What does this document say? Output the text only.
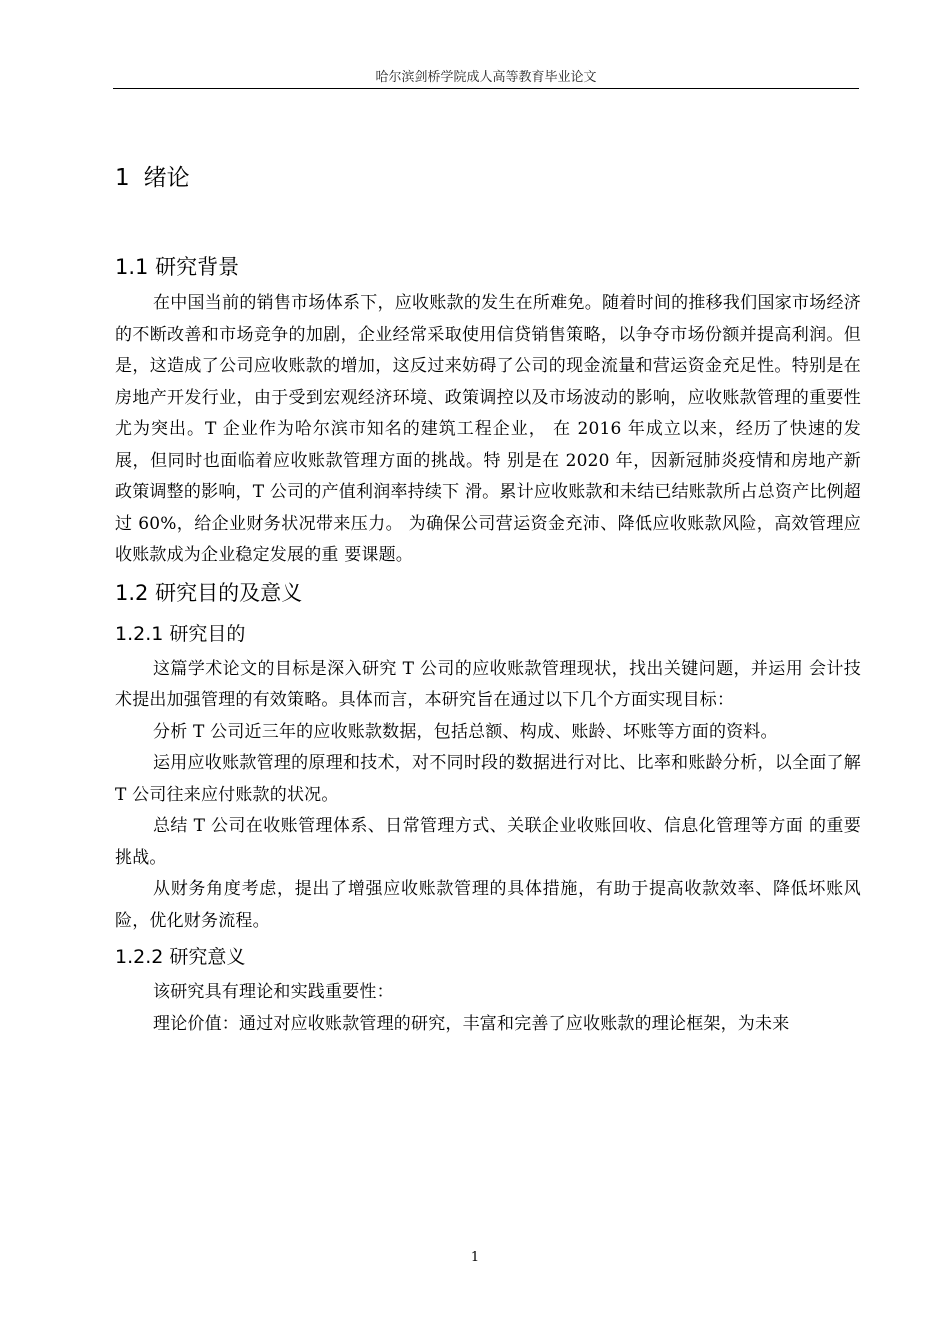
哈尔滨剑桥学院成人高等教育毕业论文
1 绪论
1.1 研究背景

在中国当前的销售市场体系下，应收账款的发生在所难免。随着时间的推移我们国家市场经济的不断改善和市场竞争的加剧，企业经常采取使用信贷销售策略，以争夺市场份额并提高利润。但是，这造成了公司应收账款的增加，这反过来妨碍了公司的现金流量和营运资金充足性。特别是在房地产开发行业，由于受到宏观经济环境、政策调控以及市场波动的影响，应收账款管理的重要性尤为突出。T 企业作为哈尔滨市知名的建筑工程企业， 在 2016 年成立以来，经历了快速的发展，但同时也面临着应收账款管理方面的挑战。特 别是在 2020 年，因新冠肺炎疫情和房地产新政策调整的影响，T 公司的产值利润率持续下 滑。累计应收账款和未结已结账款所占总资产比例超过 60%，给企业财务状况带来压力。 为确保公司营运资金充沛、降低应收账款风险，高效管理应收账款成为企业稳定发展的重 要课题。

1.2 研究目的及意义
1.2.1 研究目的

这篇学术论文的目标是深入研究 T 公司的应收账款管理现状，找出关键问题，并运用 会计技术提出加强管理的有效策略。具体而言，本研究旨在通过以下几个方面实现目标：

分析 T 公司近三年的应收账款数据，包括总额、构成、账龄、坏账等方面的资料。

运用应收账款管理的原理和技术，对不同时段的数据进行对比、比率和账龄分析，以全面了解 T 公司往来应付账款的状况。

总结 T 公司在收账管理体系、日常管理方式、关联企业收账回收、信息化管理等方面 的重要挑战。

从财务角度考虑，提出了增强应收账款管理的具体措施，有助于提高收款效率、降低坏账风险，优化财务流程。

1.2.2 研究意义

该研究具有理论和实践重要性：

理论价值：通过对应收账款管理的研究，丰富和完善了应收账款的理论框架，为未来

1
